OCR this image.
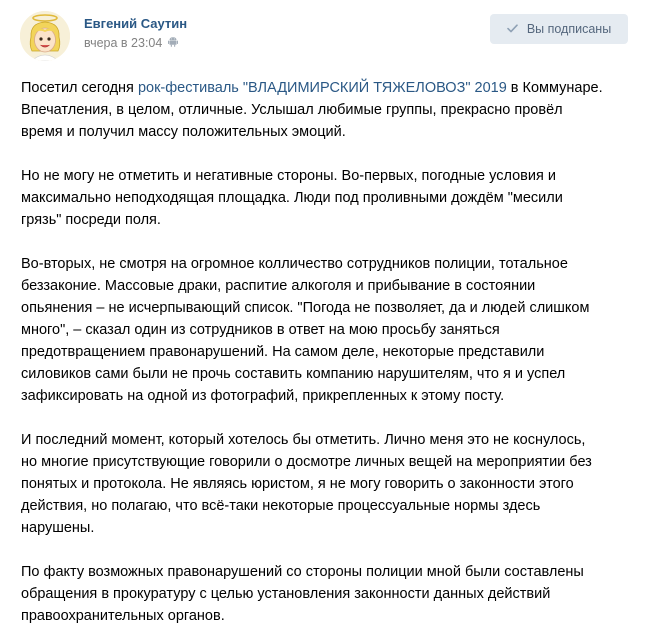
Евгений Саутин
вчера в 23:04
Вы подписаны

Посетил сегодня рок-фестиваль "ВЛАДИМИРСКИЙ ТЯЖЕЛОВОЗ" 2019 в Коммунаре.
Впечатления, в целом, отличные. Услышал любимые группы, прекрасно провёл
время и получил массу положительных эмоций.

Но не могу не отметить и негативные стороны. Во-первых, погодные условия и
максимально неподходящая площадка. Люди под проливными дождём "месили
грязь" посреди поля.

Во-вторых, не смотря на огромное колличество сотрудников полиции, тотальное
беззаконие. Массовые драки, распитие алкоголя и прибывание в состоянии
опьянения – не исчерпывающий список. "Погода не позволяет, да и людей слишком
много", – сказал один из сотрудников в ответ на мою просьбу заняться
предотвращением правонарушений. На самом деле, некоторые представили
силовиков сами были не прочь составить компанию нарушителям, что я и успел
зафиксировать на одной из фотографий, прикрепленных к этому посту.

И последний момент, который хотелось бы отметить. Лично меня это не коснулось,
но многие присутствующие говорили о досмотре личных вещей на мероприятии без
понятых и протокола. Не являясь юристом, я не могу говорить о законности этого
действия, но полагаю, что всё-таки некоторые процессуальные нормы здесь
нарушены.

По факту возможных правонарушений со стороны полиции мной были составлены
обращения в прокуратуру с целью установления законности данных действий
правоохранительных органов.
